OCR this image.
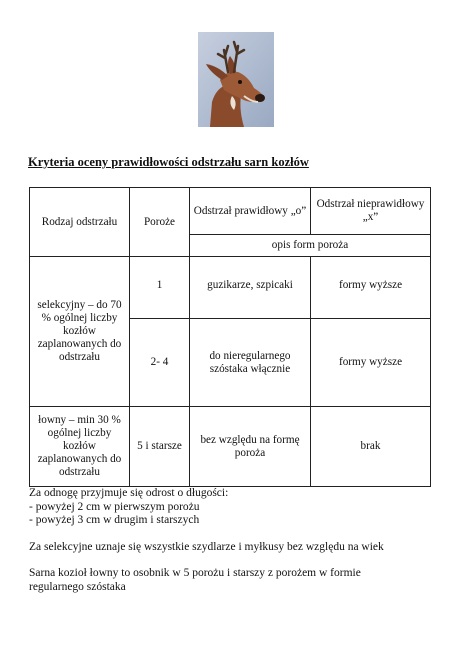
Kryteria oceny prawidłowości odstrzału sarn kozłów
Rodzaj odstrzału	Poroże	Odstrzał prawidłowy „o”	Odstrzał nieprawidłowy „x”
		opis form poroża	
selekcyjny – do 70 % ogólnej liczby kozłów zaplanowanych do odstrzału	1	guzikarze, szpicaki	formy wyższe
	2- 4	do nieregularnego szóstaka włącznie	formy wyższe
łowny – min 30 % ogólnej liczby kozłów zaplanowanych do odstrzału	5 i starsze	bez względu na formę poroża	brak

Za odnogę przyjmuje się odrost o długości:

- powyżej 2 cm w pierwszym porożu

- powyżej 3 cm w drugim i starszych

Za selekcyjne uznaje się wszystkie szydlarze i myłkusy bez względu na wiek

Sarna kozioł łowny to osobnik w 5 porożu i starszy z porożem w formie regularnego szóstaka
